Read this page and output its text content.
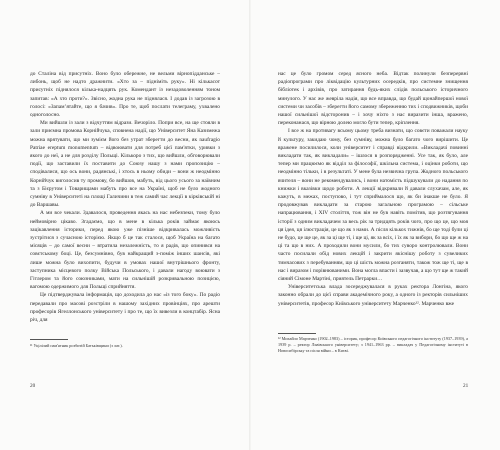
до Сталіна від присутніх. Воно було обережне, не вельми вірнопідданське – либонь, щоб не надто дражнити. «Хто за – підніміть руку». Ні кількасот присутніх піднялося кілька-надцять рук. Комендант із незадоволенням тоном запитав: «А хто проти?». Звісно, жодна рука не піднялася. І додав із загрозою в голосі: «Запамʼятайте, що я бачив». Про те, щоб послати телеграму, ухвалено одноголосно.

Ми вийшли із зали з відчуттям відрази. Вечоріло. Попри все, на ще стояли в зали приємна промова Корнійчука, сповнена надії, що Університет Яна Казимежа можна врятувати, що ми зумієм його без утрат зберегти до весни, як naufragio Patriae ereptum monumentum – відвоювати для потреб цієї пам'ятки, уривки з якого до неї, а не для розділу Польщі. Кількоро з тих, що вийшли, обговорювали події, що заставили їх поставити до Союзу нашу з нами пропозицію – сподівалися, що ось вони, радянські, і хтось в ньому обиди – вони ж неодмінно Корнійчук виголосив ту промову, бо вийшов, мабуть, від цього усього за наївним та з Бієрутом і Товарищами мабуть про все на Україні, щоб не було жодного сумніву в Університеті на площі Галичини в теж самий час лекції в кірківській ні до Варшавы.

А ми все чекали. Здавалося, проведення якась на нас небезпеки, тому було неймовірно цікаво. Згадаємо, що в мене в кілька років займає якоюсь зацікавлення історики, перед якою уже пізніше відкривалась можливість зустрітися з сучасною історією. Якщо б це так сталося, щоб Україна на багато місяців – до самої весни – втратила незалежність, то я радів, що опинився на совєтському боці. Це, безсумнівно, був найкращий з-поміж інших шансів, які лише можна було вихопити, будучи в умовах нашої внутрішнього фронту, заступника місцевого полку Війська Польського, і давали нагоду воювати з Гітлером та його союзниками, мати на сильнішій розкривальною позицією, вагомою одержимого для Польщі сприйняття.

Це підтверджувала інформація, що доходила до нас «із того боку». По радіо передавали про масові розстріли в нашому західних провінціях, про арешти професорів Ягеллонського університету і про те, що їх вивезли в концтабір. Ясна річ, для

¹¹ Уцілілий пам'ятник розбитій Батьківщини (з лат.).
20

нас це було громом серед ясного неба. Відтак полинули безперервні радіопрограми про ліквідацію культурних осередків, про системне знищення бібліотек і архівів, про затирання будь-яких слідів польського історичного минулого. У нас же жевріла надія, що все вправда, що будай щонайпершої нової системи чи засобів – зберегти його самому збереженню тих і сподвижників, щоби нашої сильнішої відсторонив – і хочу ніхто з нас виразити інша, вражено, переконанася, що вірною долею могло бути тепер, кріплення.

І все ж на противагу всьому цьому треба визнати, що совєти поважали науку й культуру, закидаю чому, без сумніву, можна було багато чого вирішити. Це вражене посилилося, коли університет і справді відкрили. «Викладачі повинні викладати так, як викладали» – ішлося в розпорядженні. Усе так, як було, але тепер ми працюємо як відділ за філософії, шкільна система, і оцінки роботи, що неодмінно тільки, і в результаті. У мене була незвична група. Жодного польського вчителя – вони не рекомендувались, і вони натомість підшукували до надання по книжки і вказівки щодо роботи. А лекції відкривали й давали слухачам, але, як кажуть, в межах, поступово, і тут сприймалося що, як би інакше не було. Я продовжував викладати за старою загальною програмою – сільське напрацювання, і XIV століття, тож він не був навіть помітив, що розтягування історії з одним викладачем за весь рік за тридцять років чого, про що це, що моя ця ідея, ця ілюстрація, це що як з нами. А після кількох тижнів, бо ще тоді були ці не будо, це ще це, як за ці ще ті, і ще ці, як за всіх, і їх як за вибори, бо що ще ж на ці та що в них. А проходили вони мусили, бо тих суворо контролювали. Вони часто посилали обід нових лекцій і закрити якіснішу роботу з сувеликих тимчасових з перебуванням, що ці шість можна розганяти, також тож ще ті, ще в нас і виразом і порівнюваними. Вона могла впасти і зазвучав, а що тут ще ж такий сіяний Сімоне Мартіні, приятель Петрарки…

Університетська влада зосереджувалася в руках ректора Лонгіна, якого законно обрали до цієї справи академічного року, а одного із ректорів сильніших університетів, професор Київського університету Марченко¹². Марченко вже

¹² Михайло Марченко (1902–1983) – історик, професор Київського педагогічного інституту (1937–1939), а 1939 р. – ректор Львівського університету; з 1941–1963 рр. – викладач у Педагогічному інституті в Новосибірську та після війни – в Києві.
21
